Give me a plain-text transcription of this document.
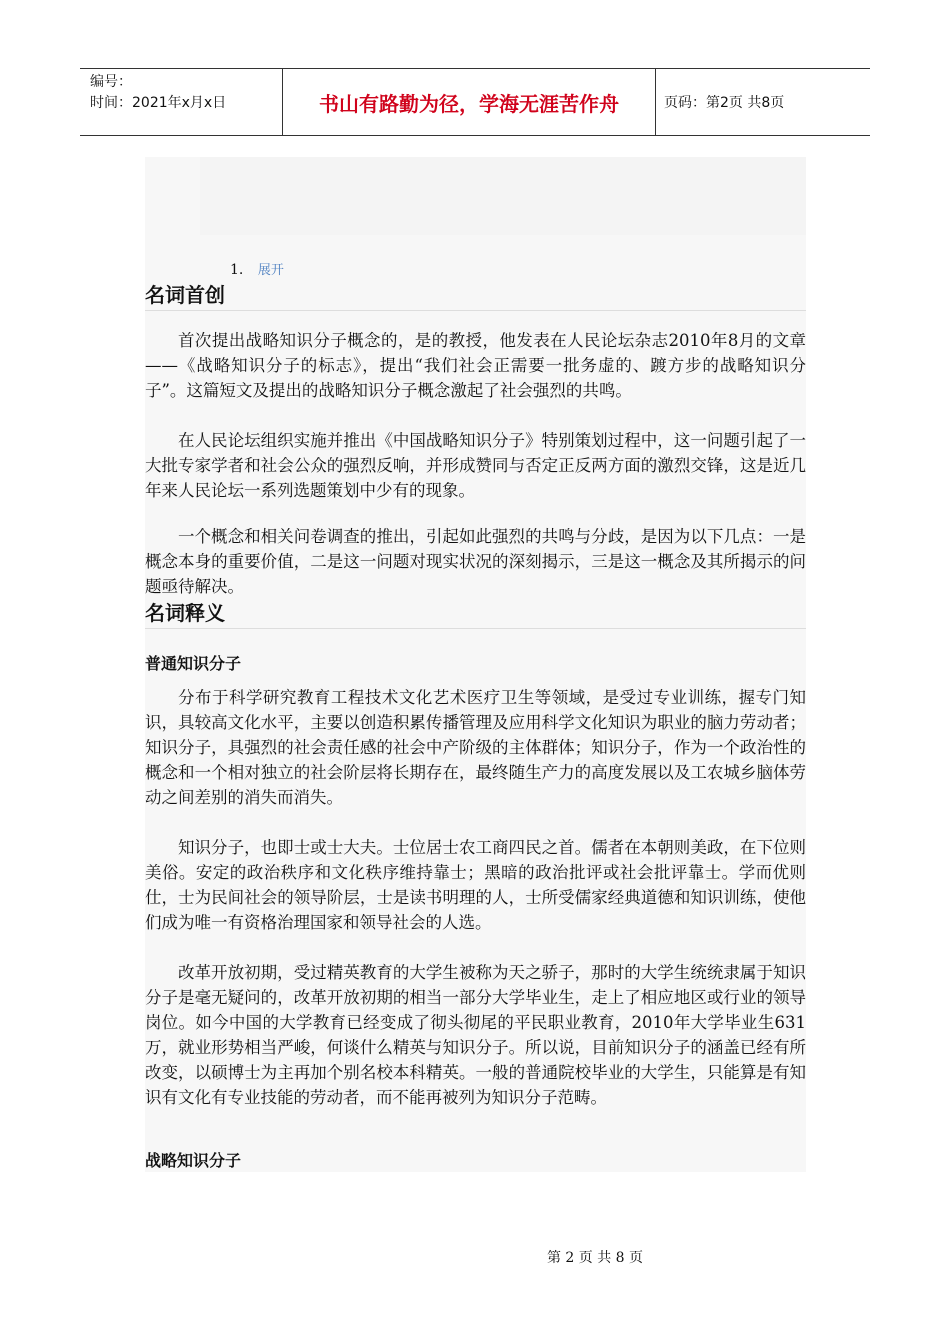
编号：
时间：2021年x月x日	书山有路勤为径，学海无涯苦作舟	页码：第2页 共8页
1. 展开
名词首创

首次提出战略知识分子概念的，是的教授，他发表在人民论坛杂志2010年8月的文章——《战略知识分子的标志》，提出“我们社会正需要一批务虚的、踱方步的战略知识分子”。这篇短文及提出的战略知识分子概念激起了社会强烈的共鸣。

在人民论坛组织实施并推出《中国战略知识分子》特别策划过程中，这一问题引起了一大批专家学者和社会公众的强烈反响，并形成赞同与否定正反两方面的激烈交锋，这是近几年来人民论坛一系列选题策划中少有的现象。

一个概念和相关问卷调查的推出，引起如此强烈的共鸣与分歧，是因为以下几点：一是概念本身的重要价值，二是这一问题对现实状况的深刻揭示，三是这一概念及其所揭示的问题亟待解决。

名词释义
普通知识分子

分布于科学研究教育工程技术文化艺术医疗卫生等领域，是受过专业训练，握专门知识，具较高文化水平，主要以创造积累传播管理及应用科学文化知识为职业的脑力劳动者；知识分子，具强烈的社会责任感的社会中产阶级的主体群体；知识分子，作为一个政治性的概念和一个相对独立的社会阶层将长期存在，最终随生产力的高度发展以及工农城乡脑体劳动之间差别的消失而消失。

知识分子，也即士或士大夫。士位居士农工商四民之首。儒者在本朝则美政，在下位则美俗。安定的政治秩序和文化秩序维持靠士；黑暗的政治批评或社会批评靠士。学而优则仕，士为民间社会的领导阶层，士是读书明理的人，士所受儒家经典道德和知识训练，使他们成为唯一有资格治理国家和领导社会的人选。

改革开放初期，受过精英教育的大学生被称为天之骄子，那时的大学生统统隶属于知识分子是毫无疑问的，改革开放初期的相当一部分大学毕业生，走上了相应地区或行业的领导岗位。如今中国的大学教育已经变成了彻头彻尾的平民职业教育，2010年大学毕业生631万，就业形势相当严峻，何谈什么精英与知识分子。所以说，目前知识分子的涵盖已经有所改变，以硕博士为主再加个别名校本科精英。一般的普通院校毕业的大学生，只能算是有知识有文化有专业技能的劳动者，而不能再被列为知识分子范畴。

战略知识分子
第 2 页 共 8 页
